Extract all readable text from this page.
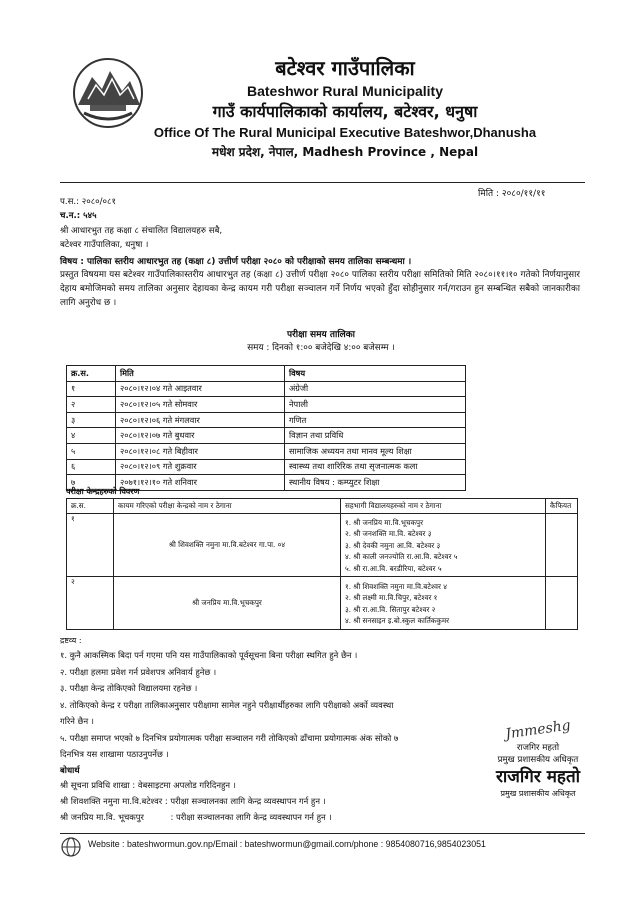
बटेश्वर गाउँपालिका
Bateshwor Rural Municipality
गाउँ कार्यपालिकाको कार्यालय, बटेश्वर, धनुषा
Office Of The Rural Municipal Executive Bateshwor,Dhanusha
मधेश प्रदेश, नेपाल, Madhesh Province , Nepal
मिति : २०८०/११/११
प.स.: २०८०/०८१
च.न.: ५४५
श्री आधारभुत तह कक्षा ८ संचालित विद्यालयहरु सबै,
बटेश्वर गाउँपालिका, धनुषा ।
विषय : पालिका स्तरीय आधारभुत तह (कक्षा ८) उत्तीर्ण परीक्षा २०८० को परीक्षाको समय तालिका सम्बन्धमा ।
प्रस्तुत विषयमा यस बटेश्वर गाउँपालिकास्तरीय आधारभुत तह (कक्षा ८) उत्तीर्ण परीक्षा २०८० पालिका स्तरीय परीक्षा समितिको मिति २०८०।११।१० गतेको निर्णयानुसार देहाय बमोजिमको समय तालिका अनुसार देहायका केन्द्र कायम गरी परीक्षा सञ्चालन गर्ने निर्णय भएको हुँदा सोहीनुसार गर्न/गराउन हुन सम्बन्धित सबैको जानकारीका लागि अनुरोध छ ।
परीक्षा समय तालिका
समय : दिनको १:०० बजेदेखि ४:०० बजेसम्म ।
क्र.स.	मिति	विषय
१	२०८०।१२।०४ गते आइतवार	अंग्रेजी
२	२०८०।१२।०५ गते सोमवार	नेपाली
३	२०८०।१२।०६ गते मंगलवार	गणित
४	२०८०।१२।०७ गते बुधवार	विज्ञान तथा प्रविधि
५	२०८०।१२।०८ गते बिहीवार	सामाजिक अध्ययन तथा मानव मूल्य शिक्षा
६	२०८०।१२।०९ गते शुक्रवार	स्वास्थ्य तथा शारिरिक तथा सृजनात्मक कला
७	२०७१।१२।१० गते शनिवार	स्थानीय विषय : कम्प्युटर शिक्षा
परीक्षा केन्द्रहरुको विवरण
क्र.स.	कायम गरिएको परीक्षा केन्द्रको नाम र ठेगाना	सहभागी विद्यालयहरुको नाम र ठेगाना	कैफियत
१	श्री शिवशक्ति नमुना मा.वि.बटेश्वर गा.पा. ०४	१. श्री जनप्रिय मा.वि.भूचकपुर
२. श्री जनशक्ति मा.वि. बटेश्वर ३
३. श्री देवकी नमुना आ.वि. बटेश्वर ३
४. श्री काली जनज्योति रा.आ.वि. बटेश्वर ५
५. श्री रा.आ.वि. बरडीरिया, बटेश्वर ५	

२	श्री जनप्रिय मा.वि.भूचकपुर	१. श्री शिवशक्ति नमुना मा.वि.बटेश्वर ४
२. श्री लक्ष्मी मा.वि.चिपुर, बटेश्वर १
३. श्री रा.आ.वि. सितापुर बटेश्वर २
४. श्री सनसाइन इ.बो.स्कुल कार्तिककुमर	

द्रष्टव्य :
१. कुनै आकस्मिक बिदा पर्न गएमा पनि यस गाउँपालिकाको पूर्वसूचना बिना परीक्षा स्थगित हुने छैन ।
२. परीक्षा हलमा प्रवेश गर्न प्रवेशपत्र अनिवार्य हुनेछ ।
३. परीक्षा केन्द्र तोकिएको विद्यालयमा रहनेछ ।
४. तोकिएको केन्द्र र परीक्षा तालिकाअनुसार परीक्षामा सामेल नहुने परीक्षार्थीहरुका लागि परीक्षाको अर्को व्यवस्था
गरिने छैन ।
५. परीक्षा समाप्त भएको ७ दिनभित्र प्रयोगात्मक परीक्षा सञ्चालन गरी तोकिएको ढाँचामा प्रयोगात्मक अंक सोको ७
दिनभित्र यस शाखामा पठाउनुपर्नेछ ।
बोधार्थ
श्री सूचना प्रविधि शाखा : वेबसाइटमा अपलोड गरिदिनहुन ।
श्री शिवशक्ति नमुना मा.वि.बटेश्वर : परीक्षा सञ्चालनका लागि केन्द्र व्यवस्थापन गर्न हुन ।
श्री जनप्रिय मा.वि. भूचकपुर          : परीक्षा सञ्चालनका लागि केन्द्र व्यवस्थापन गर्न हुन ।
Jmmeshg
राजगिर महतो
प्रमुख प्रशासकीय अधिकृत
राजगिर महतो
प्रमुख प्रशासकीय अधिकृत
Website : bateshwormun.gov.np/Email : bateshwormun@gmail.com/phone : 9854080716,9854023051
